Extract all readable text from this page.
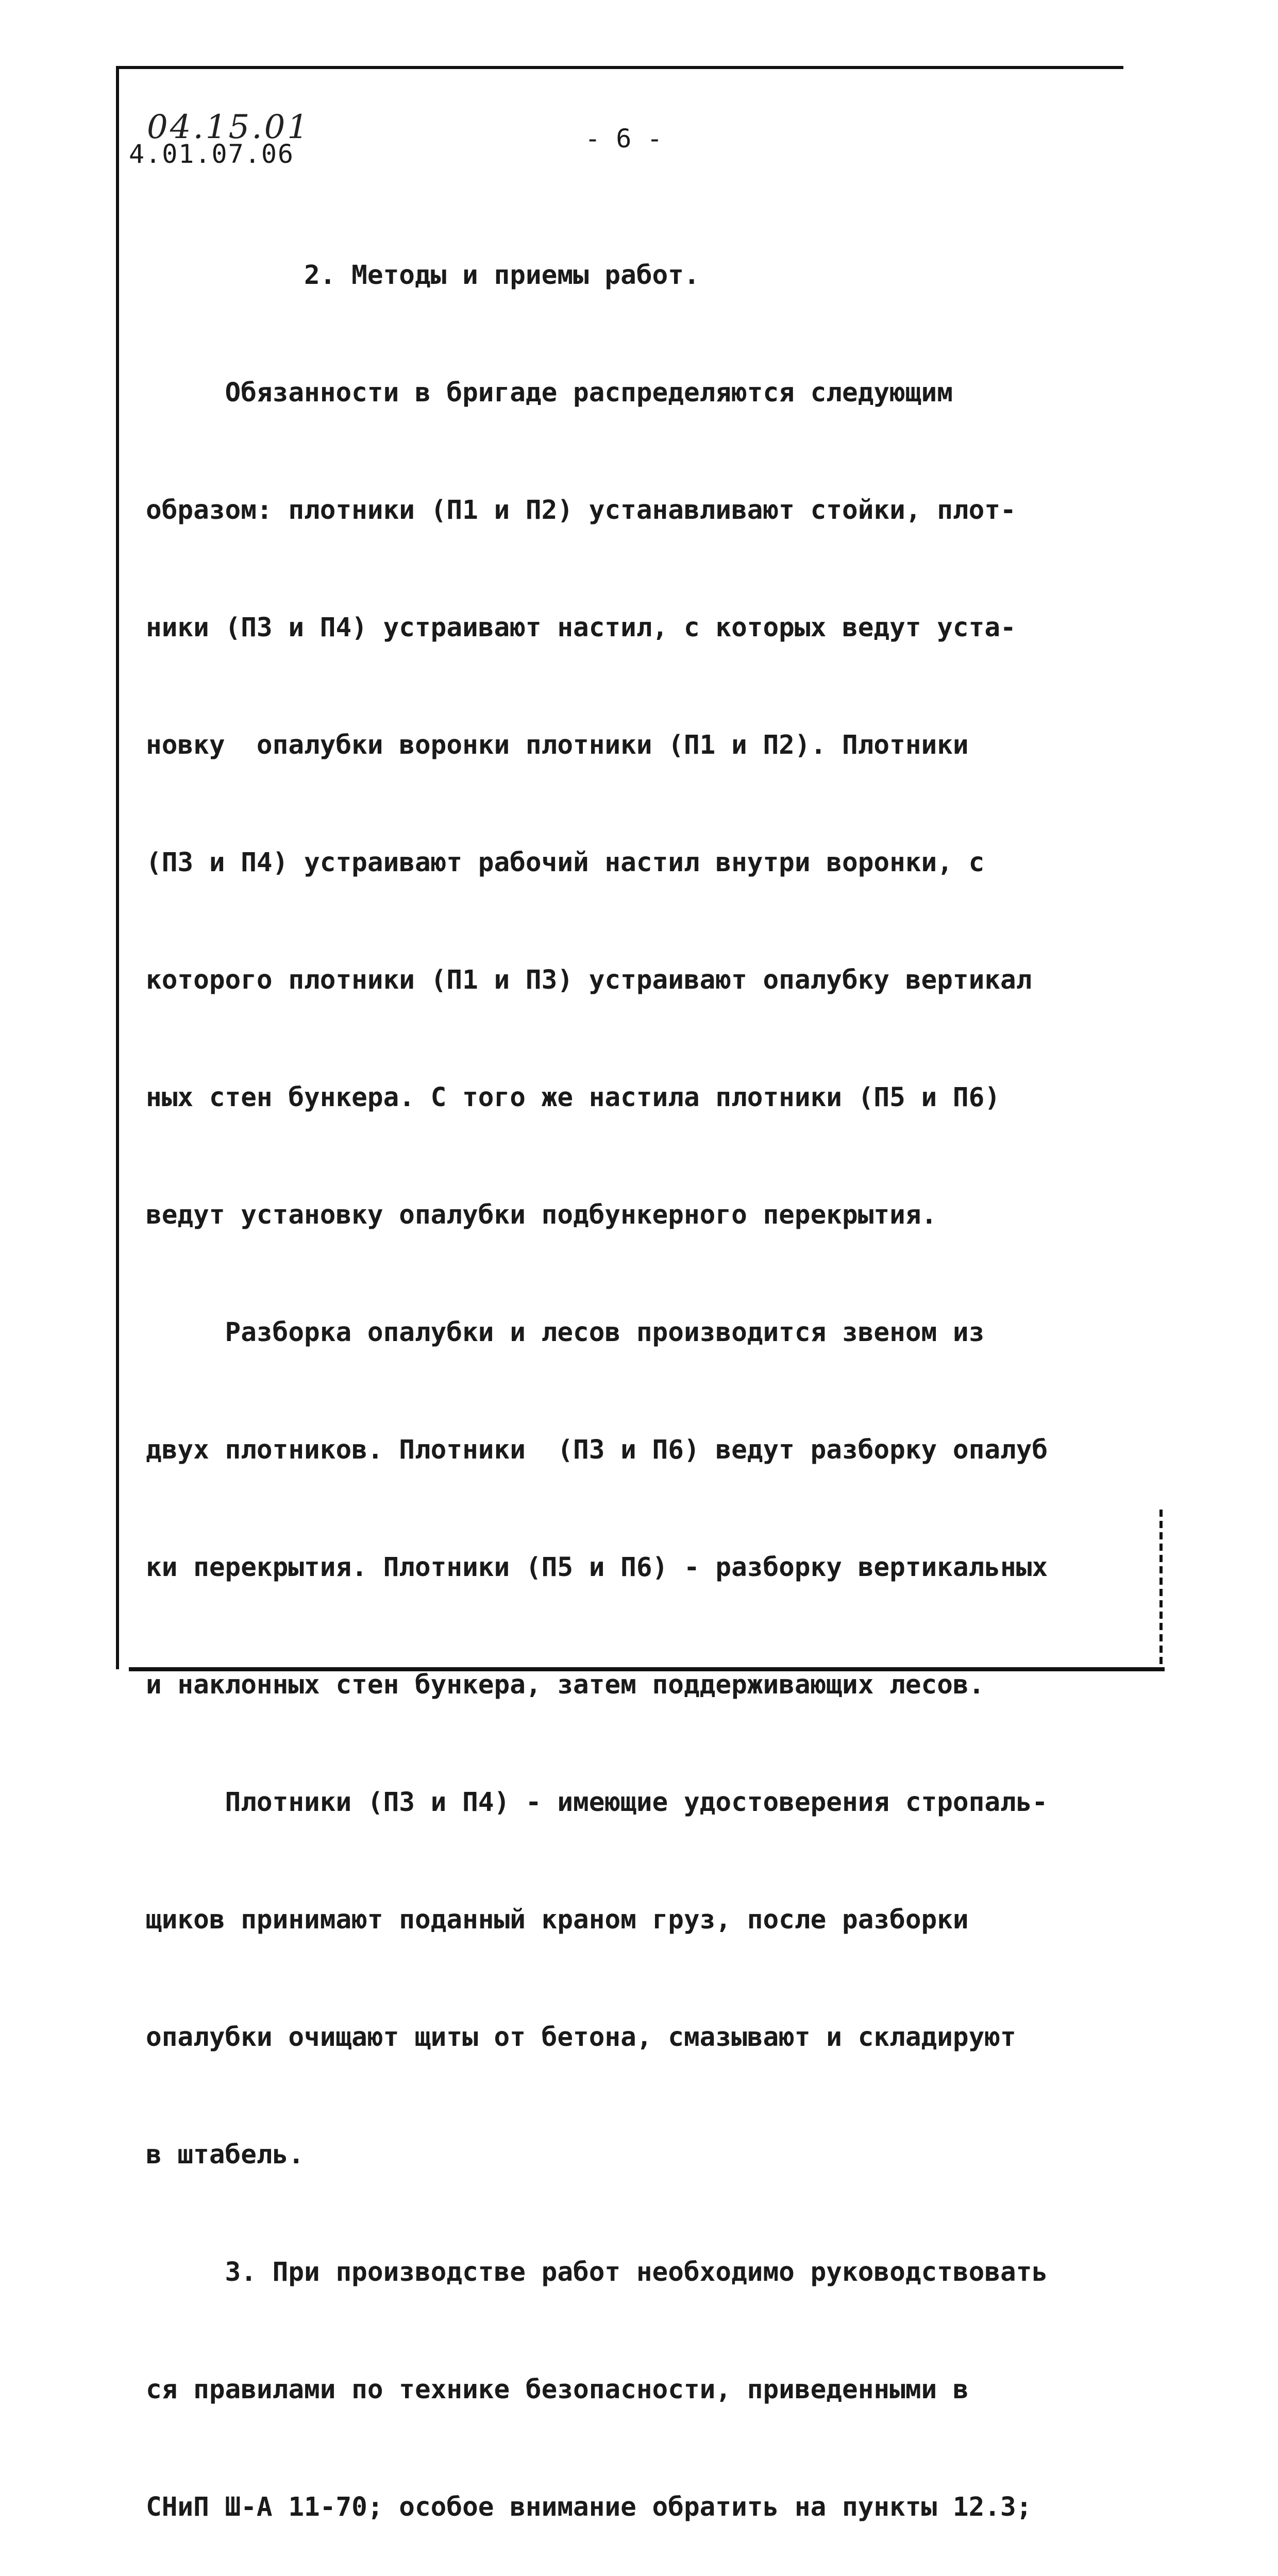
04.15.01
4.01.07.06
- 6 -

2. Методы и приемы работ.

Обязанности в бригаде распределяются следующим

образом: плотники (П1 и П2) устанавливают стойки, плот-

ники (П3 и П4) устраивают настил, с которых ведут уста-

новку  опалубки воронки плотники (П1 и П2). Плотники

(П3 и П4) устраивают рабочий настил внутри воронки, с

которого плотники (П1 и П3) устраивают опалубку вертикал

ных стен бункера. С того же настила плотники (П5 и П6)

ведут установку опалубки подбункерного перекрытия.

Разборка опалубки и лесов производится звеном из

двух плотников. Плотники  (П3 и П6) ведут разборку опалуб

ки перекрытия. Плотники (П5 и П6) - разборку вертикальных

и наклонных стен бункера, затем поддерживающих лесов.

Плотники (П3 и П4) - имеющие удостоверения стропаль-

щиков принимают поданный краном груз, после разборки

опалубки очищают щиты от бетона, смазывают и складируют

в штабель.

3. При производстве работ необходимо руководствовать

ся правилами по технике безопасности, приведенными в

СНиП Ш-А 11-70; особое внимание обратить на пункты 12.3;
